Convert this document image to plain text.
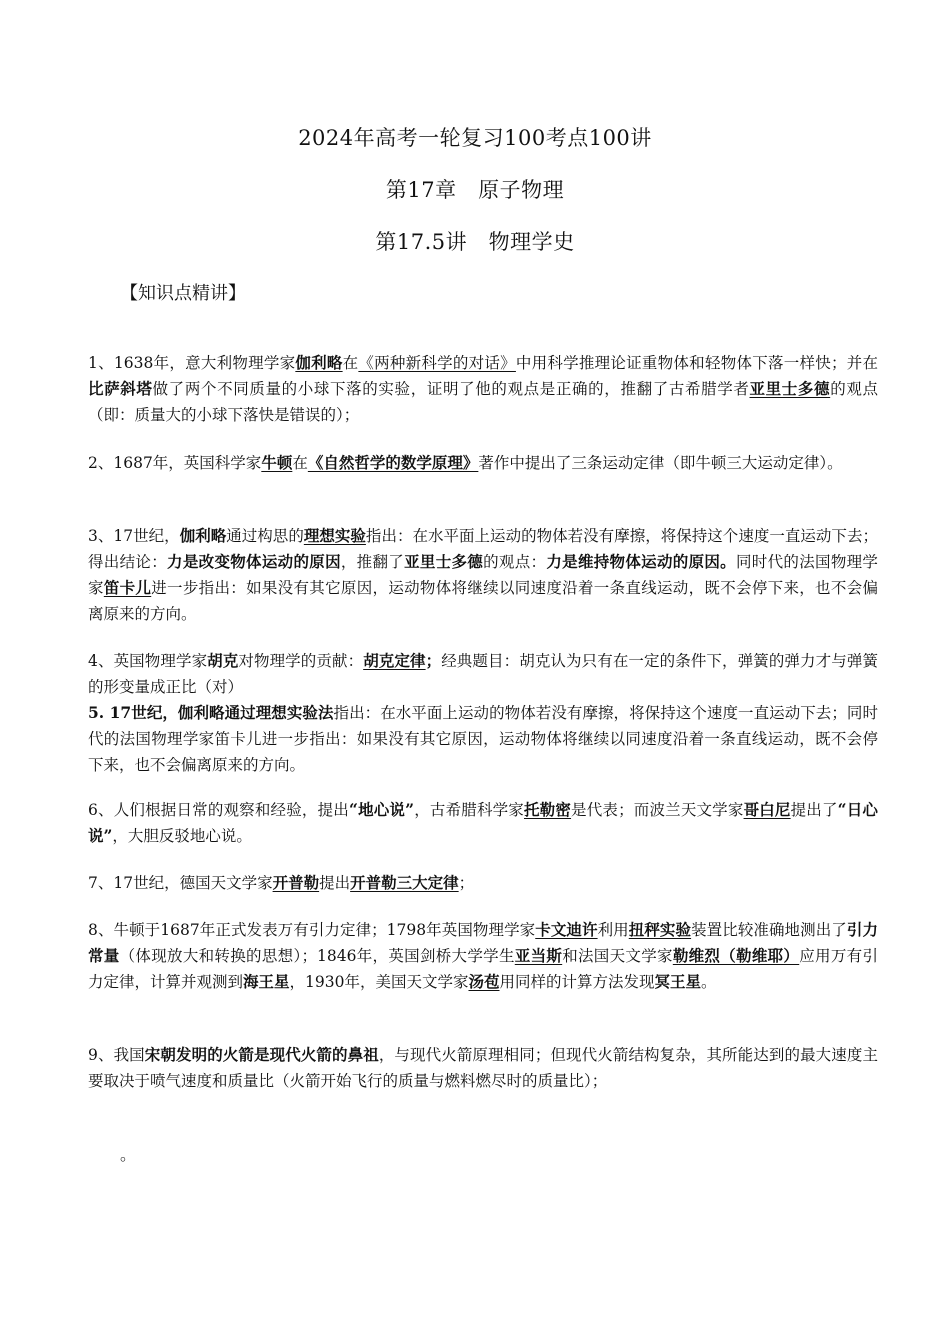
2024年高考一轮复习100考点100讲
第17章　原子物理
第17.5讲　物理学史
【知识点精讲】
1、1638年，意大利物理学家伽利略在《两种新科学的对话》中用科学推理论证重物体和轻物体下落一样快；并在比萨斜塔做了两个不同质量的小球下落的实验，证明了他的观点是正确的，推翻了古希腊学者亚里士多德的观点（即：质量大的小球下落快是错误的）；
2、1687年，英国科学家牛顿在《自然哲学的数学原理》著作中提出了三条运动定律（即牛顿三大运动定律）。
3、17世纪，伽利略通过构思的理想实验指出：在水平面上运动的物体若没有摩擦，将保持这个速度一直运动下去；得出结论：力是改变物体运动的原因，推翻了亚里士多德的观点：力是维持物体运动的原因。同时代的法国物理学家笛卡儿进一步指出：如果没有其它原因，运动物体将继续以同速度沿着一条直线运动，既不会停下来，也不会偏离原来的方向。
4、英国物理学家胡克对物理学的贡献：胡克定律；经典题目：胡克认为只有在一定的条件下，弹簧的弹力才与弹簧的形变量成正比（对）
5. 17世纪，伽利略通过理想实验法指出：在水平面上运动的物体若没有摩擦，将保持这个速度一直运动下去；同时代的法国物理学家笛卡儿进一步指出：如果没有其它原因，运动物体将继续以同速度沿着一条直线运动，既不会停下来，也不会偏离原来的方向。
6、人们根据日常的观察和经验，提出“地心说”，古希腊科学家托勒密是代表；而波兰天文学家哥白尼提出了“日心说”，大胆反驳地心说。
7、17世纪，德国天文学家开普勒提出开普勒三大定律；
8、牛顿于1687年正式发表万有引力定律；1798年英国物理学家卡文迪许利用扭秤实验装置比较准确地测出了引力常量（体现放大和转换的思想）；1846年，英国剑桥大学学生亚当斯和法国天文学家勒维烈（勒维耶）应用万有引力定律，计算并观测到海王星，1930年，美国天文学家汤苞用同样的计算方法发现冥王星。
9、我国宋朝发明的火箭是现代火箭的鼻祖，与现代火箭原理相同；但现代火箭结构复杂，其所能达到的最大速度主要取决于喷气速度和质量比（火箭开始飞行的质量与燃料燃尽时的质量比）；
。
